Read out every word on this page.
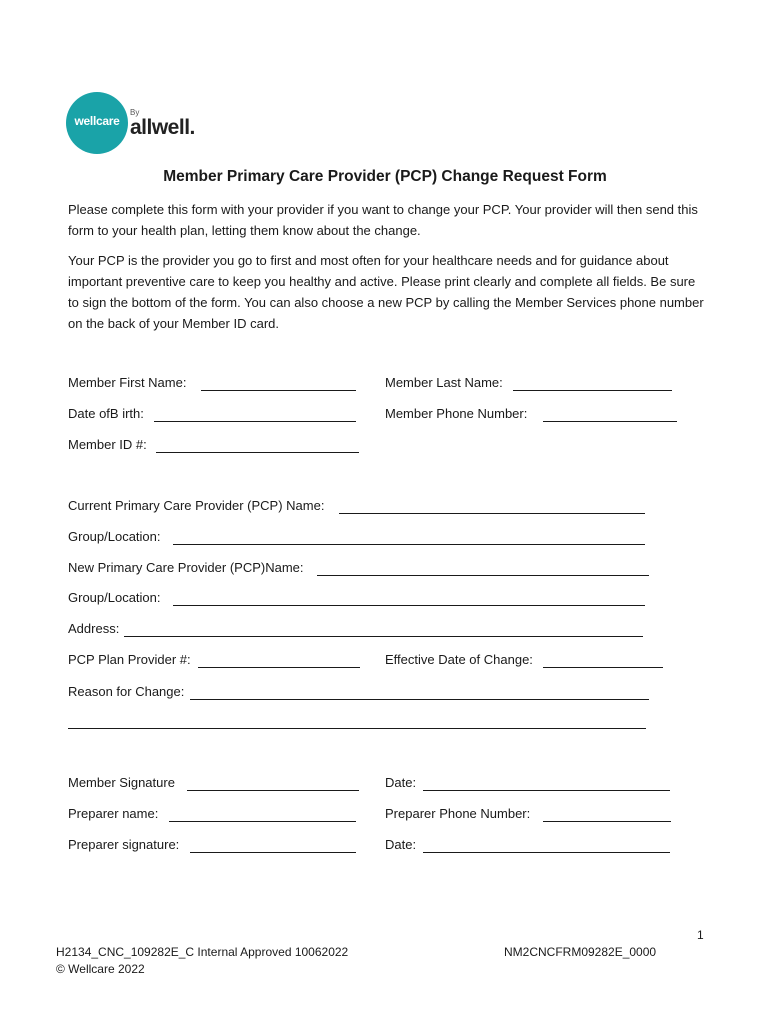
wellcare
By
allwell.
Member Primary Care Provider (PCP) Change Request Form

Please complete this form with your provider if you want to change your PCP. Your provider will then send this form to your health plan, letting them know about the change.

Your PCP is the provider you go to first and most often for your healthcare needs and for guidance about important preventive care to keep you healthy and active. Please print clearly and complete all fields. Be sure to sign the bottom of the form. You can also choose a new PCP by calling the Member Services phone number on the back of your Member ID card.

Member First Name:	Member Last Name:
Date ofB irth:	Member Phone Number:
Member ID #:
Current Primary Care Provider (PCP) Name:
Group/Location:
New Primary Care Provider (PCP)Name:
Group/Location:
Address:
PCP Plan Provider #:	Effective Date of Change:
Reason for Change:
Member Signature	Date:
Preparer name:	Preparer Phone Number:
Preparer signature:	Date:
1
H2134_CNC_109282E_C Internal Approved 10062022
© Wellcare 2022
NM2CNCFRM09282E_0000
